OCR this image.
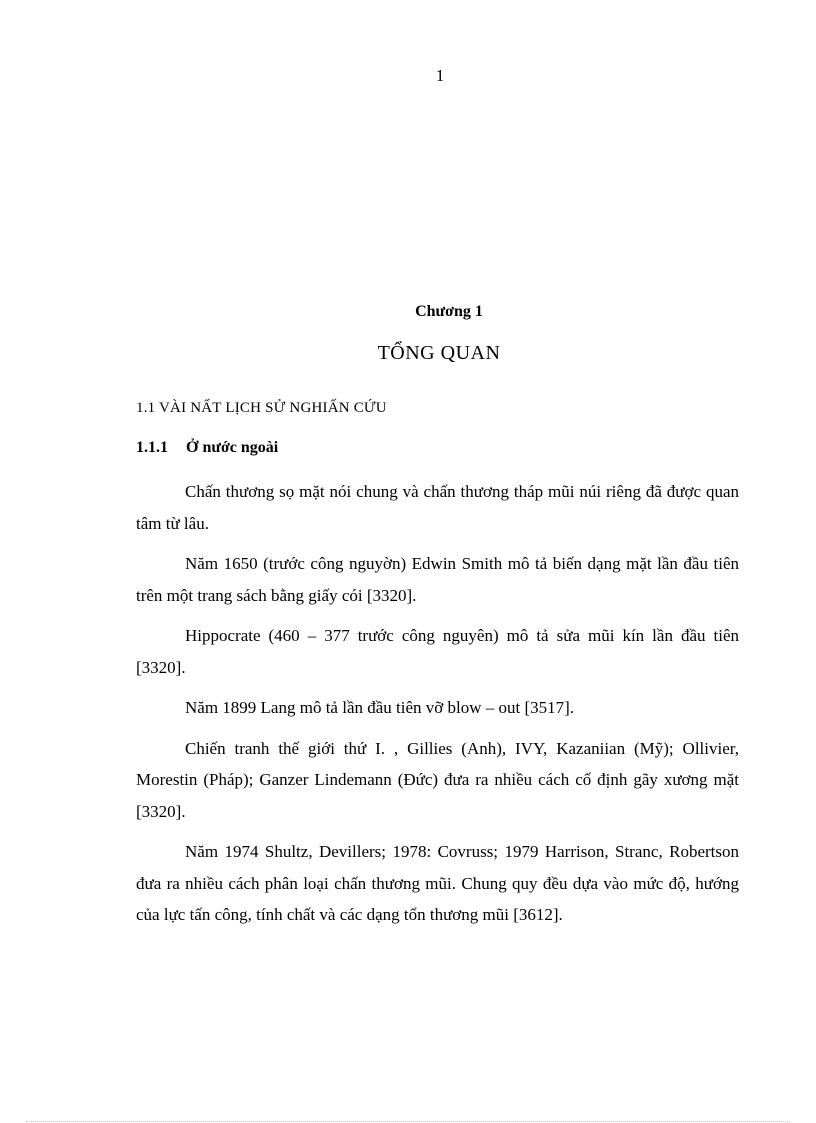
1
Chương 1
TỔNG QUAN
1.1 VÀI NẤT LỊCH SỬ NGHIẤN CỨU
1.1.1 Ở nước ngoài

Chấn thương sọ mặt nói chung và chấn thương tháp mũi núi riêng đã được quan tâm từ lâu.

Năm 1650 (trước công nguyờn) Edwin Smith mô tả biến dạng mặt lần đầu tiên trên một trang sách bằng giấy cói [3320].

Hippocrate (460 – 377 trước công nguyên) mô tả sửa mũi kín lần đầu tiên [3320].

Năm 1899 Lang mô tả lần đầu tiên vỡ blow – out [3517].

Chiến tranh thế giới thứ I. , Gillies (Anh), IVY, Kazaniian (Mỹ); Ollivier, Morestin (Pháp); Ganzer Lindemann (Đức) đưa ra nhiều cách cố định gãy xương mặt [3320].

Năm 1974 Shultz, Devillers; 1978: Covruss; 1979 Harrison, Stranc, Robertson đưa ra nhiều cách phân loại chấn thương mũi. Chung quy đều dựa vào mức độ, hướng của lực tấn công, tính chất và các dạng tổn thương mũi [3612].
